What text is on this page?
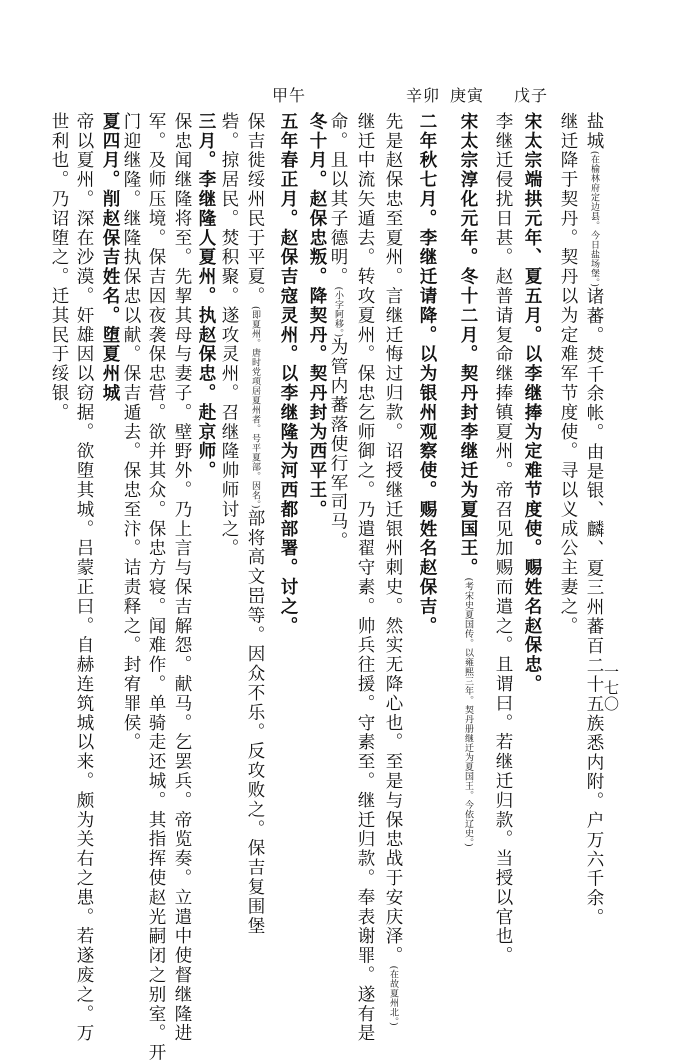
一七〇
戊子
庚寅
辛卯
甲午
盐城(在榆林府定边县。今日盐场堡。)诸蕃。焚千余帐。由是银、麟、夏三州蕃百二十五族悉内附。户万六千余。
继迁降于契丹。契丹以为定难军节度使。寻以义成公主妻之。
宋太宗端拱元年、夏五月。以李继捧为定难节度使。赐姓名赵保忠。
李继迁侵扰日甚。赵普请复命继捧镇夏州。帝召见加赐而遣之。且谓曰。若继迁归款。当授以官也。
宋太宗淳化元年。冬十二月。契丹封李继迁为夏国王。(考宋史夏国传。以雍熙三年。契丹册继迁为夏国王。今依辽史。)
二年秋七月。李继迁请降。以为银州观察使。赐姓名赵保吉。
先是赵保忠至夏州。言继迁悔过归款。诏授继迁银州刺史。然实无降心也。至是与保忠战于安庆泽。(在故夏州北。)
继迁中流矢遁去。转攻夏州。保忠乞师御之。乃遣翟守素。帅兵往援。守素至。继迁归款。奉表谢罪。遂有是
命。且以其子德明。(小字阿移。)为管内蕃落使行军司马。
冬十月。赵保忠叛。降契丹。契丹封为西平王。
五年春正月。赵保吉寇灵州。以李继隆为河西都部署。讨之。
保吉徙绥州民于平夏。(即夏州。唐时党项居夏州者。号平夏部。因名。)部将高文岊等。因众不乐。反攻败之。保吉复围堡
砦。掠居民。焚积聚。遂攻灵州。召继隆帅师讨之。
三月。李继隆人夏州。执赵保忠。赴京师。
保忠闻继隆将至。先挈其母与妻子。壁野外。乃上言与保吉解怨。献马。乞罢兵。帝览奏。立遣中使督继隆进
军。及师压境。保吉因夜袭保忠营。欲并其众。保忠方寝。闻难作。单骑走还城。其指挥使赵光嗣闭之别室。开
门迎继隆。继隆执保忠以献。保吉遁去。保忠至汴。诘责释之。封宥罪侯。
夏四月。削赵保吉姓名。堕夏州城
帝以夏州。深在沙漠。奸雄因以窃据。欲堕其城。吕蒙正曰。自赫连筑城以来。颇为关右之患。若遂废之。万
世利也。乃诏堕之。迁其民于绥银。
